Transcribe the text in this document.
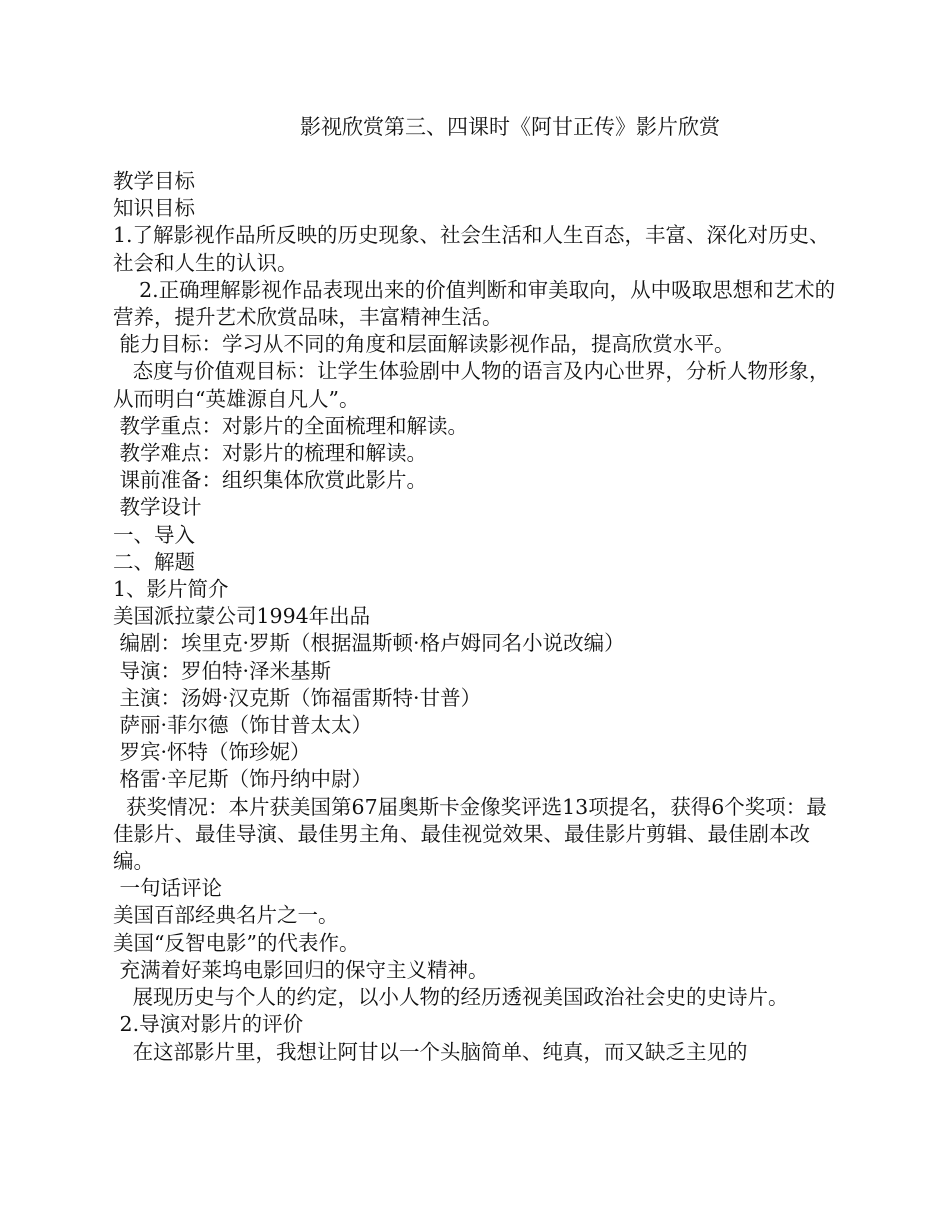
影视欣赏第三、四课时《阿甘正传》影片欣赏

教学目标

知识目标

1.了解影视作品所反映的历史现象、社会生活和人生百态，丰富、深化对历史、社会和人生的认识。

2.正确理解影视作品表现出来的价值判断和审美取向，从中吸取思想和艺术的营养，提升艺术欣赏品味，丰富精神生活。

能力目标：学习从不同的角度和层面解读影视作品，提高欣赏水平。

态度与价值观目标：让学生体验剧中人物的语言及内心世界，分析人物形象，从而明白“英雄源自凡人”。

教学重点：对影片的全面梳理和解读。

教学难点：对影片的梳理和解读。

课前准备：组织集体欣赏此影片。

教学设计

一、导入

二、解题

1、影片简介

美国派拉蒙公司1994年出品

编剧：埃里克·罗斯（根据温斯顿·格卢姆同名小说改编）

导演：罗伯特·泽米基斯

主演：汤姆·汉克斯（饰福雷斯特·甘普）

萨丽·菲尔德（饰甘普太太）

罗宾·怀特（饰珍妮）

格雷·辛尼斯（饰丹纳中尉）

获奖情况：本片获美国第67届奥斯卡金像奖评选13项提名，获得6个奖项：最佳影片、最佳导演、最佳男主角、最佳视觉效果、最佳影片剪辑、最佳剧本改编。

一句话评论

美国百部经典名片之一。

美国“反智电影”的代表作。

充满着好莱坞电影回归的保守主义精神。

展现历史与个人的约定，以小人物的经历透视美国政治社会史的史诗片。

2.导演对影片的评价

在这部影片里，我想让阿甘以一个头脑简单、纯真，而又缺乏主见的
